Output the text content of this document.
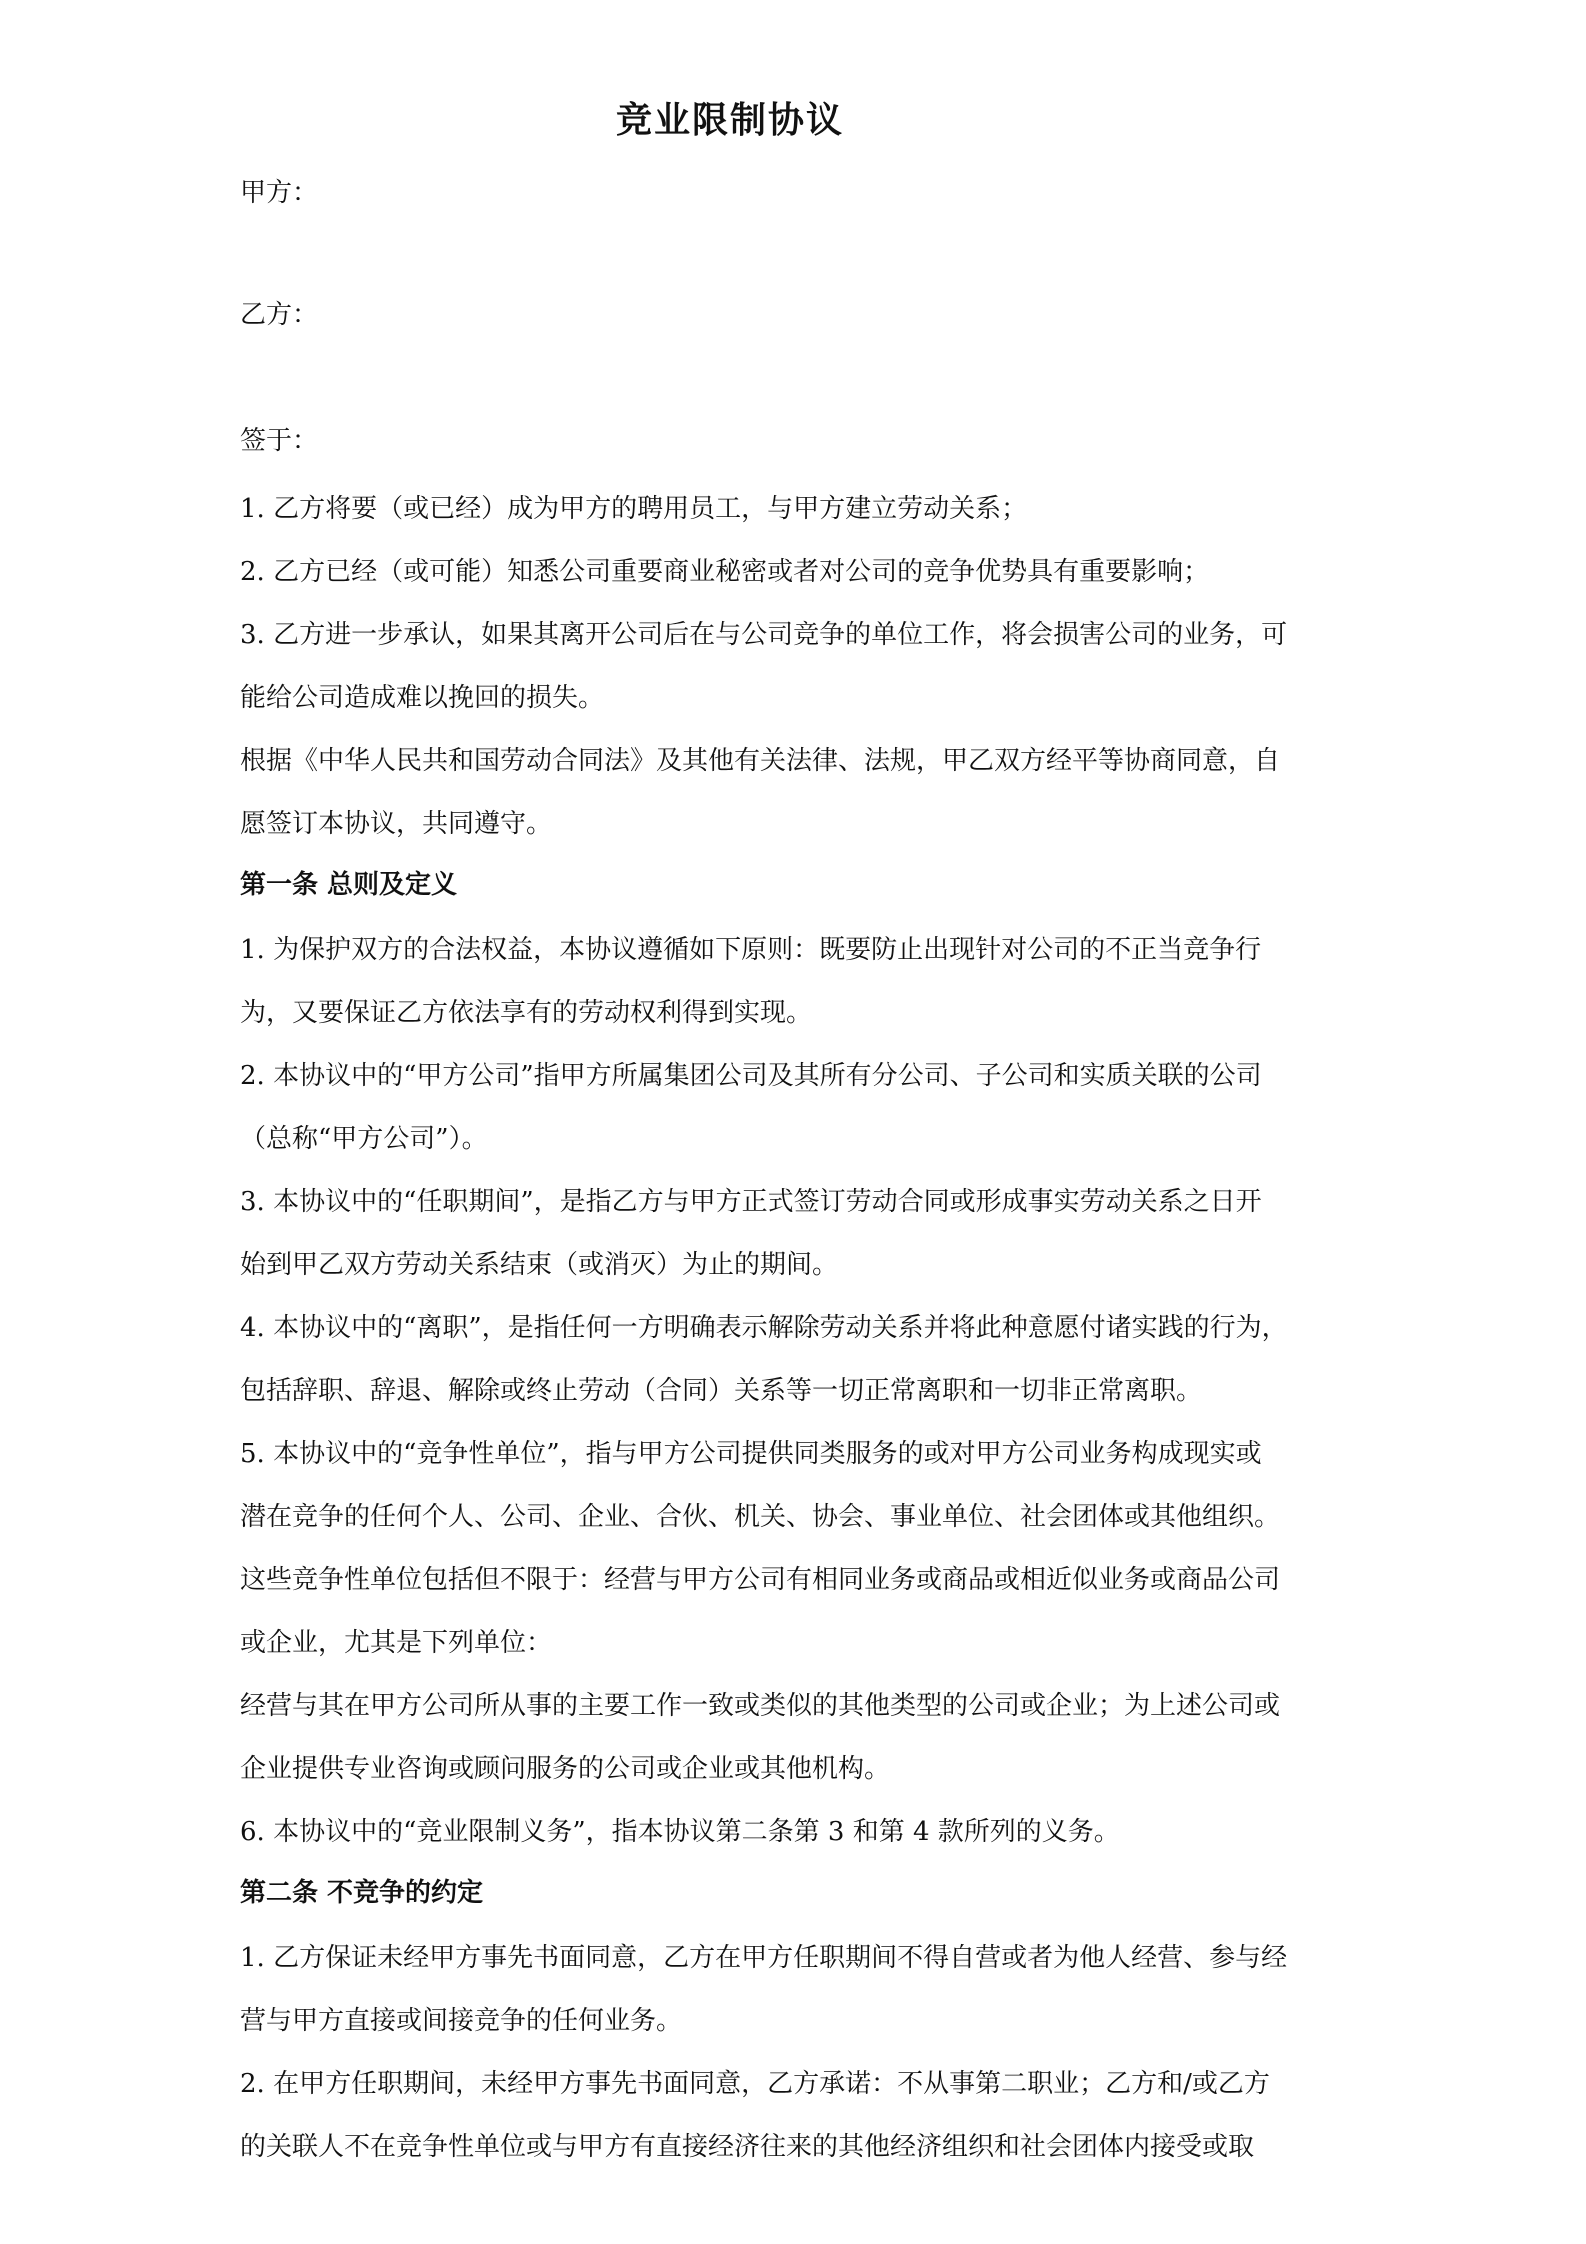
竞业限制协议
甲方：
乙方：
签于：
1. 乙方将要（或已经）成为甲方的聘用员工，与甲方建立劳动关系；
2. 乙方已经（或可能）知悉公司重要商业秘密或者对公司的竞争优势具有重要影响；
3. 乙方进一步承认，如果其离开公司后在与公司竞争的单位工作，将会损害公司的业务，可
能给公司造成难以挽回的损失。
根据《中华人民共和国劳动合同法》及其他有关法律、法规，甲乙双方经平等协商同意，自
愿签订本协议，共同遵守。
第一条 总则及定义
1. 为保护双方的合法权益，本协议遵循如下原则：既要防止出现针对公司的不正当竞争行
为，又要保证乙方依法享有的劳动权利得到实现。
2. 本协议中的“甲方公司”指甲方所属集团公司及其所有分公司、子公司和实质关联的公司
（总称“甲方公司”）。
3. 本协议中的“任职期间”，是指乙方与甲方正式签订劳动合同或形成事实劳动关系之日开
始到甲乙双方劳动关系结束（或消灭）为止的期间。
4. 本协议中的“离职”，是指任何一方明确表示解除劳动关系并将此种意愿付诸实践的行为，
包括辞职、辞退、解除或终止劳动（合同）关系等一切正常离职和一切非正常离职。
5. 本协议中的“竞争性单位”，指与甲方公司提供同类服务的或对甲方公司业务构成现实或
潜在竞争的任何个人、公司、企业、合伙、机关、协会、事业单位、社会团体或其他组织。
这些竞争性单位包括但不限于：经营与甲方公司有相同业务或商品或相近似业务或商品公司
或企业，尤其是下列单位：
经营与其在甲方公司所从事的主要工作一致或类似的其他类型的公司或企业；为上述公司或
企业提供专业咨询或顾问服务的公司或企业或其他机构。
6. 本协议中的“竞业限制义务”，指本协议第二条第 3 和第 4 款所列的义务。
第二条 不竞争的约定
1. 乙方保证未经甲方事先书面同意，乙方在甲方任职期间不得自营或者为他人经营、参与经
营与甲方直接或间接竞争的任何业务。
2. 在甲方任职期间，未经甲方事先书面同意，乙方承诺：不从事第二职业；乙方和/或乙方
的关联人不在竞争性单位或与甲方有直接经济往来的其他经济组织和社会团体内接受或取
